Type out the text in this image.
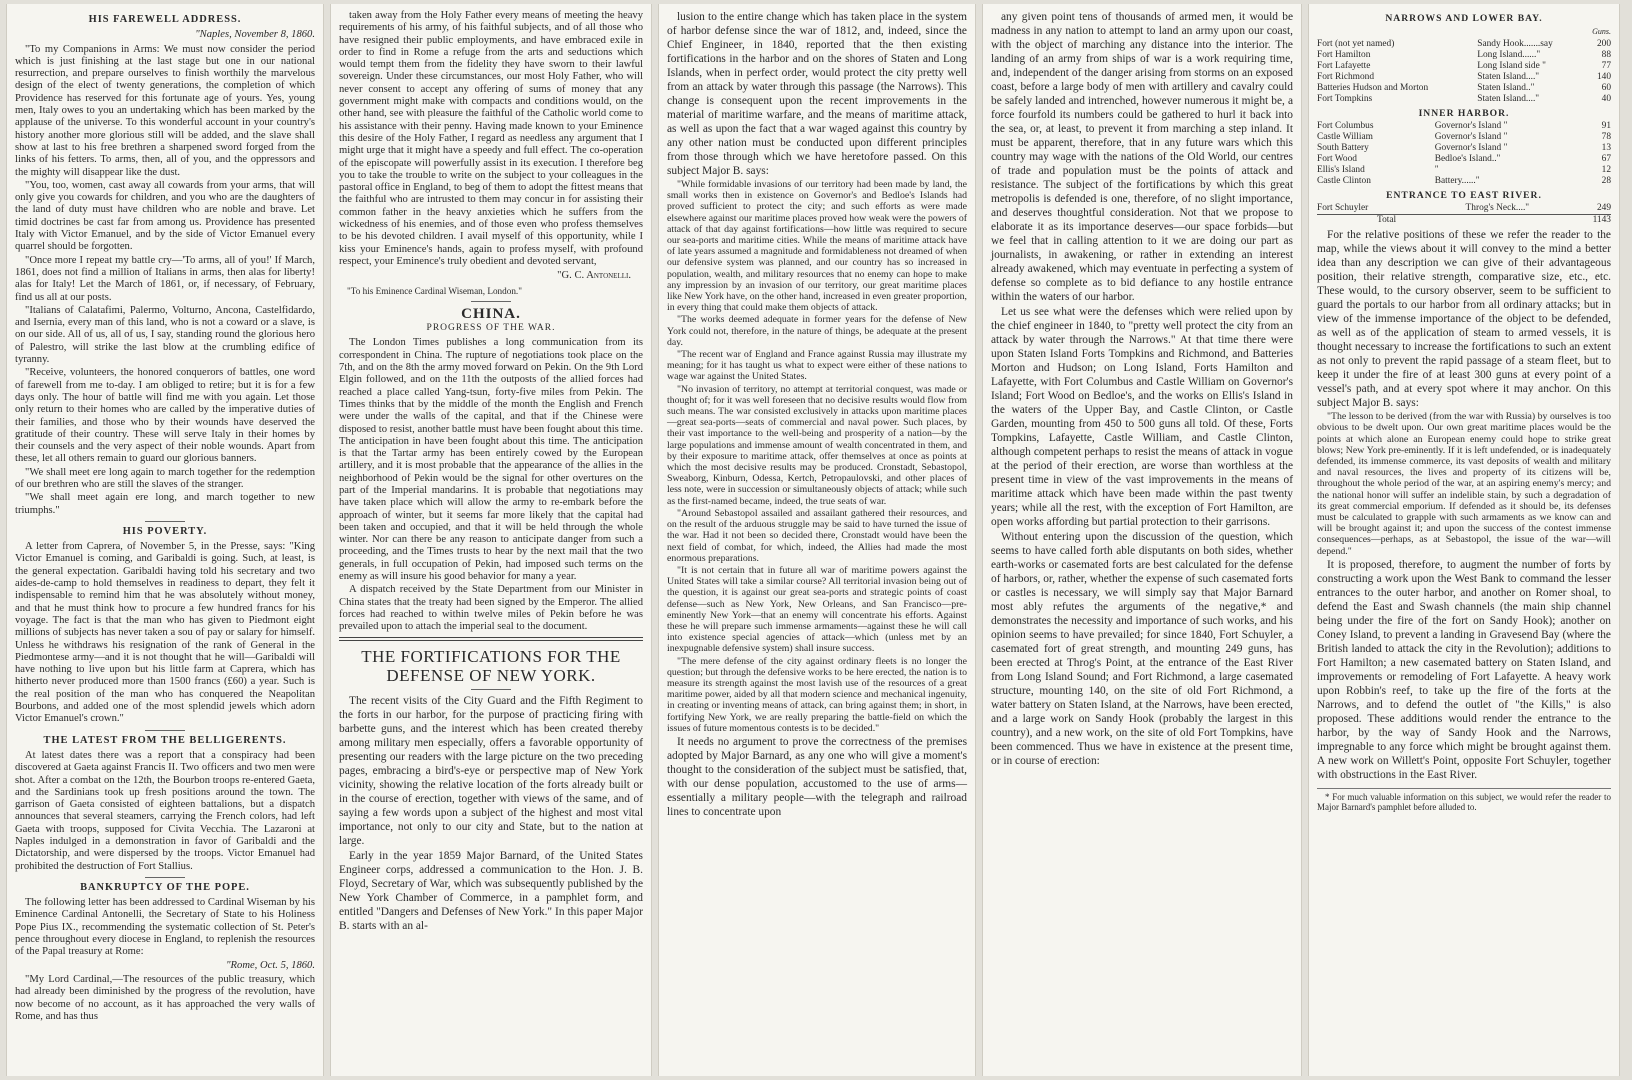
HIS FAREWELL ADDRESS.

"Naples, November 8, 1860.

"To my Companions in Arms: We must now consider the period which is just finishing at the last stage but one in our national resurrection, and prepare ourselves to finish worthily the marvelous design of the elect of twenty generations, the completion of which Providence has reserved for this fortunate age of yours. Yes, young men, Italy owes to you an undertaking which has been marked by the applause of the universe. To this wonderful account in your country's history another more glorious still will be added, and the slave shall show at last to his free brethren a sharpened sword forged from the links of his fetters. To arms, then, all of you, and the oppressors and the mighty will disappear like the dust.

"You, too, women, cast away all cowards from your arms, that will only give you cowards for children, and you who are the daughters of the land of duty must have children who are noble and brave. Let timid doctrines be cast far from among us. Providence has presented Italy with Victor Emanuel, and by the side of Victor Emanuel every quarrel should be forgotten.

"Once more I repeat my battle cry—'To arms, all of you!' If March, 1861, does not find a million of Italians in arms, then alas for liberty! alas for Italy! Let the March of 1861, or, if necessary, of February, find us all at our posts.

"Italians of Calatafimi, Palermo, Volturno, Ancona, Castelfidardo, and Isernia, every man of this land, who is not a coward or a slave, is on our side. All of us, all of us, I say, standing round the glorious hero of Palestro, will strike the last blow at the crumbling edifice of tyranny.

"Receive, volunteers, the honored conquerors of battles, one word of farewell from me to-day. I am obliged to retire; but it is for a few days only. The hour of battle will find me with you again. Let those only return to their homes who are called by the imperative duties of their families, and those who by their wounds have deserved the gratitude of their country. These will serve Italy in their homes by their counsels and the very aspect of their noble wounds. Apart from these, let all others remain to guard our glorious banners.

"We shall meet ere long again to march together for the redemption of our brethren who are still the slaves of the stranger.

"We shall meet again ere long, and march together to new triumphs."

HIS POVERTY.

A letter from Caprera, of November 5, in the Presse, says: "King Victor Emanuel is coming, and Garibaldi is going. Such, at least, is the general expectation. Garibaldi having told his secretary and two aides-de-camp to hold themselves in readiness to depart, they felt it indispensable to remind him that he was absolutely without money, and that he must think how to procure a few hundred francs for his voyage. The fact is that the man who has given to Piedmont eight millions of subjects has never taken a sou of pay or salary for himself. Unless he withdraws his resignation of the rank of General in the Piedmontese army—and it is not thought that he will—Garibaldi will have nothing to live upon but his little farm at Caprera, which has hitherto never produced more than 1500 francs (£60) a year. Such is the real position of the man who has conquered the Neapolitan Bourbons, and added one of the most splendid jewels which adorn Victor Emanuel's crown."

THE LATEST FROM THE BELLIGERENTS.

At latest dates there was a report that a conspiracy had been discovered at Gaeta against Francis II. Two officers and two men were shot. After a combat on the 12th, the Bourbon troops re-entered Gaeta, and the Sardinians took up fresh positions around the town. The garrison of Gaeta consisted of eighteen battalions, but a dispatch announces that several steamers, carrying the French colors, had left Gaeta with troops, supposed for Civita Vecchia. The Lazaroni at Naples indulged in a demonstration in favor of Garibaldi and the Dictatorship, and were dispersed by the troops. Victor Emanuel had prohibited the destruction of Fort Stallius.

BANKRUPTCY OF THE POPE.

The following letter has been addressed to Cardinal Wiseman by his Eminence Cardinal Antonelli, the Secretary of State to his Holiness Pope Pius IX., recommending the systematic collection of St. Peter's pence throughout every diocese in England, to replenish the resources of the Papal treasury at Rome:

"Rome, Oct. 5, 1860.

"My Lord Cardinal,—The resources of the public treasury, which had already been diminished by the progress of the revolution, have now become of no account, as it has approached the very walls of Rome, and has thus

taken away from the Holy Father every means of meeting the heavy requirements of his army, of his faithful subjects, and of all those who have resigned their public employments, and have embraced exile in order to find in Rome a refuge from the arts and seductions which would tempt them from the fidelity they have sworn to their lawful sovereign. Under these circumstances, our most Holy Father, who will never consent to accept any offering of sums of money that any government might make with compacts and conditions would, on the other hand, see with pleasure the faithful of the Catholic world come to his assistance with their penny. Having made known to your Eminence this desire of the Holy Father, I regard as needless any argument that I might urge that it might have a speedy and full effect. The co-operation of the episcopate will powerfully assist in its execution. I therefore beg you to take the trouble to write on the subject to your colleagues in the pastoral office in England, to beg of them to adopt the fittest means that the faithful who are intrusted to them may concur in for assisting their common father in the heavy anxieties which he suffers from the wickedness of his enemies, and of those even who profess themselves to be his devoted children. I avail myself of this opportunity, while I kiss your Eminence's hands, again to profess myself, with profound respect, your Eminence's truly obedient and devoted servant,

"G. C. Antonelli.

"To his Eminence Cardinal Wiseman, London."

CHINA.
PROGRESS OF THE WAR.

The London Times publishes a long communication from its correspondent in China. The rupture of negotiations took place on the 7th, and on the 8th the army moved forward on Pekin. On the 9th Lord Elgin followed, and on the 11th the outposts of the allied forces had reached a place called Yang-tsun, forty-five miles from Pekin. The Times thinks that by the middle of the month the English and French were under the walls of the capital, and that if the Chinese were disposed to resist, another battle must have been fought about this time. The anticipation in have been fought about this time. The anticipation is that the Tartar army has been entirely cowed by the European artillery, and it is most probable that the appearance of the allies in the neighborhood of Pekin would be the signal for other overtures on the part of the Imperial mandarins. It is probable that negotiations may have taken place which will allow the army to re-embark before the approach of winter, but it seems far more likely that the capital had been taken and occupied, and that it will be held through the whole winter. Nor can there be any reason to anticipate danger from such a proceeding, and the Times trusts to hear by the next mail that the two generals, in full occupation of Pekin, had imposed such terms on the enemy as will insure his good behavior for many a year.

A dispatch received by the State Department from our Minister in China states that the treaty had been signed by the Emperor. The allied forces had reached to within twelve miles of Pekin before he was prevailed upon to attach the imperial seal to the document.

THE FORTIFICATIONS FOR THE DEFENSE OF NEW YORK.

The recent visits of the City Guard and the Fifth Regiment to the forts in our harbor, for the purpose of practicing firing with barbette guns, and the interest which has been created thereby among military men especially, offers a favorable opportunity of presenting our readers with the large picture on the two preceding pages, embracing a bird's-eye or perspective map of New York vicinity, showing the relative location of the forts already built or in the course of erection, together with views of the same, and of saying a few words upon a subject of the highest and most vital importance, not only to our city and State, but to the nation at large.

Early in the year 1859 Major Barnard, of the United States Engineer corps, addressed a communication to the Hon. J. B. Floyd, Secretary of War, which was subsequently published by the New York Chamber of Commerce, in a pamphlet form, and entitled "Dangers and Defenses of New York." In this paper Major B. starts with an al-

lusion to the entire change which has taken place in the system of harbor defense since the war of 1812, and, indeed, since the Chief Engineer, in 1840, reported that the then existing fortifications in the harbor and on the shores of Staten and Long Islands, when in perfect order, would protect the city pretty well from an attack by water through this passage (the Narrows). This change is consequent upon the recent improvements in the material of maritime warfare, and the means of maritime attack, as well as upon the fact that a war waged against this country by any other nation must be conducted upon different principles from those through which we have heretofore passed. On this subject Major B. says:

"While formidable invasions of our territory had been made by land, the small works then in existence on Governor's and Bedloe's Islands had proved sufficient to protect the city; and such efforts as were made elsewhere against our maritime places proved how weak were the powers of attack of that day against fortifications—how little was required to secure our sea-ports and maritime cities. While the means of maritime attack have of late years assumed a magnitude and formidableness not dreamed of when our defensive system was planned, and our country has so increased in population, wealth, and military resources that no enemy can hope to make any impression by an invasion of our territory, our great maritime places like New York have, on the other hand, increased in even greater proportion, in every thing that could make them objects of attack.

"The works deemed adequate in former years for the defense of New York could not, therefore, in the nature of things, be adequate at the present day.

"The recent war of England and France against Russia may illustrate my meaning; for it has taught us what to expect were either of these nations to wage war against the United States.

"No invasion of territory, no attempt at territorial conquest, was made or thought of; for it was well foreseen that no decisive results would flow from such means. The war consisted exclusively in attacks upon maritime places—great sea-ports—seats of commercial and naval power. Such places, by their vast importance to the well-being and prosperity of a nation—by the large populations and immense amount of wealth concentrated in them, and by their exposure to maritime attack, offer themselves at once as points at which the most decisive results may be produced. Cronstadt, Sebastopol, Sweaborg, Kinburn, Odessa, Kertch, Petropaulovski, and other places of less note, were in succession or simultaneously objects of attack; while such as the first-named became, indeed, the true seats of war.

"Around Sebastopol assailed and assailant gathered their resources, and on the result of the arduous struggle may be said to have turned the issue of the war. Had it not been so decided there, Cronstadt would have been the next field of combat, for which, indeed, the Allies had made the most enormous preparations.

"It is not certain that in future all war of maritime powers against the United States will take a similar course? All territorial invasion being out of the question, it is against our great sea-ports and strategic points of coast defense—such as New York, New Orleans, and San Francisco—pre-eminently New York—that an enemy will concentrate his efforts. Against these he will prepare such immense armaments—against these he will call into existence special agencies of attack—which (unless met by an inexpugnable defensive system) shall insure success.

"The mere defense of the city against ordinary fleets is no longer the question; but through the defensive works to be here erected, the nation is to measure its strength against the most lavish use of the resources of a great maritime power, aided by all that modern science and mechanical ingenuity, in creating or inventing means of attack, can bring against them; in short, in fortifying New York, we are really preparing the battle-field on which the issues of future momentous contests is to be decided."

It needs no argument to prove the correctness of the premises adopted by Major Barnard, as any one who will give a moment's thought to the consideration of the subject must be satisfied, that, with our dense population, accustomed to the use of arms—essentially a military people—with the telegraph and railroad lines to concentrate upon

any given point tens of thousands of armed men, it would be madness in any nation to attempt to land an army upon our coast, with the object of marching any distance into the interior. The landing of an army from ships of war is a work requiring time, and, independent of the danger arising from storms on an exposed coast, before a large body of men with artillery and cavalry could be safely landed and intrenched, however numerous it might be, a force fourfold its numbers could be gathered to hurl it back into the sea, or, at least, to prevent it from marching a step inland. It must be apparent, therefore, that in any future wars which this country may wage with the nations of the Old World, our centres of trade and population must be the points of attack and resistance. The subject of the fortifications by which this great metropolis is defended is one, therefore, of no slight importance, and deserves thoughtful consideration. Not that we propose to elaborate it as its importance deserves—our space forbids—but we feel that in calling attention to it we are doing our part as journalists, in awakening, or rather in extending an interest already awakened, which may eventuate in perfecting a system of defense so complete as to bid defiance to any hostile entrance within the waters of our harbor.

Let us see what were the defenses which were relied upon by the chief engineer in 1840, to "pretty well protect the city from an attack by water through the Narrows." At that time there were upon Staten Island Forts Tompkins and Richmond, and Batteries Morton and Hudson; on Long Island, Forts Hamilton and Lafayette, with Fort Columbus and Castle William on Governor's Island; Fort Wood on Bedloe's, and the works on Ellis's Island in the waters of the Upper Bay, and Castle Clinton, or Castle Garden, mounting from 450 to 500 guns all told. Of these, Forts Tompkins, Lafayette, Castle William, and Castle Clinton, although competent perhaps to resist the means of attack in vogue at the period of their erection, are worse than worthless at the present time in view of the vast improvements in the means of maritime attack which have been made within the past twenty years; while all the rest, with the exception of Fort Hamilton, are open works affording but partial protection to their garrisons.

Without entering upon the discussion of the question, which seems to have called forth able disputants on both sides, whether earth-works or casemated forts are best calculated for the defense of harbors, or, rather, whether the expense of such casemated forts or castles is necessary, we will simply say that Major Barnard most ably refutes the arguments of the negative,* and demonstrates the necessity and importance of such works, and his opinion seems to have prevailed; for since 1840, Fort Schuyler, a casemated fort of great strength, and mounting 249 guns, has been erected at Throg's Point, at the entrance of the East River from Long Island Sound; and Fort Richmond, a large casemated structure, mounting 140, on the site of old Fort Richmond, a water battery on Staten Island, at the Narrows, have been erected, and a large work on Sandy Hook (probably the largest in this country), and a new work, on the site of old Fort Tompkins, have been commenced. Thus we have in existence at the present time, or in course of erection:

NARROWS AND LOWER BAY.
Guns.
Fort (not yet named)	Sandy Hook.......say	200
Fort Hamilton	Long Island......"	88
Fort Lafayette	Long Island side "	77
Fort Richmond	Staten Island...."	140
Batteries Hudson and Morton	Staten Island.."	60
Fort Tompkins	Staten Island...."	40
INNER HARBOR.
Fort Columbus	Governor's Island "	91
Castle William	Governor's Island "	78
South Battery	Governor's Island "	13
Fort Wood	Bedloe's Island.."	67
Ellis's Island	"	12
Castle Clinton	Battery......"	28
ENTRANCE TO EAST RIVER.
Fort Schuyler	Throg's Neck...."	249
Total		1143

For the relative positions of these we refer the reader to the map, while the views about it will convey to the mind a better idea than any description we can give of their advantageous position, their relative strength, comparative size, etc., etc. These would, to the cursory observer, seem to be sufficient to guard the portals to our harbor from all ordinary attacks; but in view of the immense importance of the object to be defended, as well as of the application of steam to armed vessels, it is thought necessary to increase the fortifications to such an extent as not only to prevent the rapid passage of a steam fleet, but to keep it under the fire of at least 300 guns at every point of a vessel's path, and at every spot where it may anchor. On this subject Major B. says:

"The lesson to be derived (from the war with Russia) by ourselves is too obvious to be dwelt upon. Our own great maritime places would be the points at which alone an European enemy could hope to strike great blows; New York pre-eminently. If it is left undefended, or is inadequately defended, its immense commerce, its vast deposits of wealth and military and naval resources, the lives and property of its citizens will be, throughout the whole period of the war, at an aspiring enemy's mercy; and the national honor will suffer an indelible stain, by such a degradation of its great commercial emporium. If defended as it should be, its defenses must be calculated to grapple with such armaments as we know can and will be brought against it; and upon the success of the contest immense consequences—perhaps, as at Sebastopol, the issue of the war—will depend."

It is proposed, therefore, to augment the number of forts by constructing a work upon the West Bank to command the lesser entrances to the outer harbor, and another on Romer shoal, to defend the East and Swash channels (the main ship channel being under the fire of the fort on Sandy Hook); another on Coney Island, to prevent a landing in Gravesend Bay (where the British landed to attack the city in the Revolution); additions to Fort Hamilton; a new casemated battery on Staten Island, and improvements or remodeling of Fort Lafayette. A heavy work upon Robbin's reef, to take up the fire of the forts at the Narrows, and to defend the outlet of "the Kills," is also proposed. These additions would render the entrance to the harbor, by the way of Sandy Hook and the Narrows, impregnable to any force which might be brought against them. A new work on Willett's Point, opposite Fort Schuyler, together with obstructions in the East River.

* For much valuable information on this subject, we would refer the reader to Major Barnard's pamphlet before alluded to.
